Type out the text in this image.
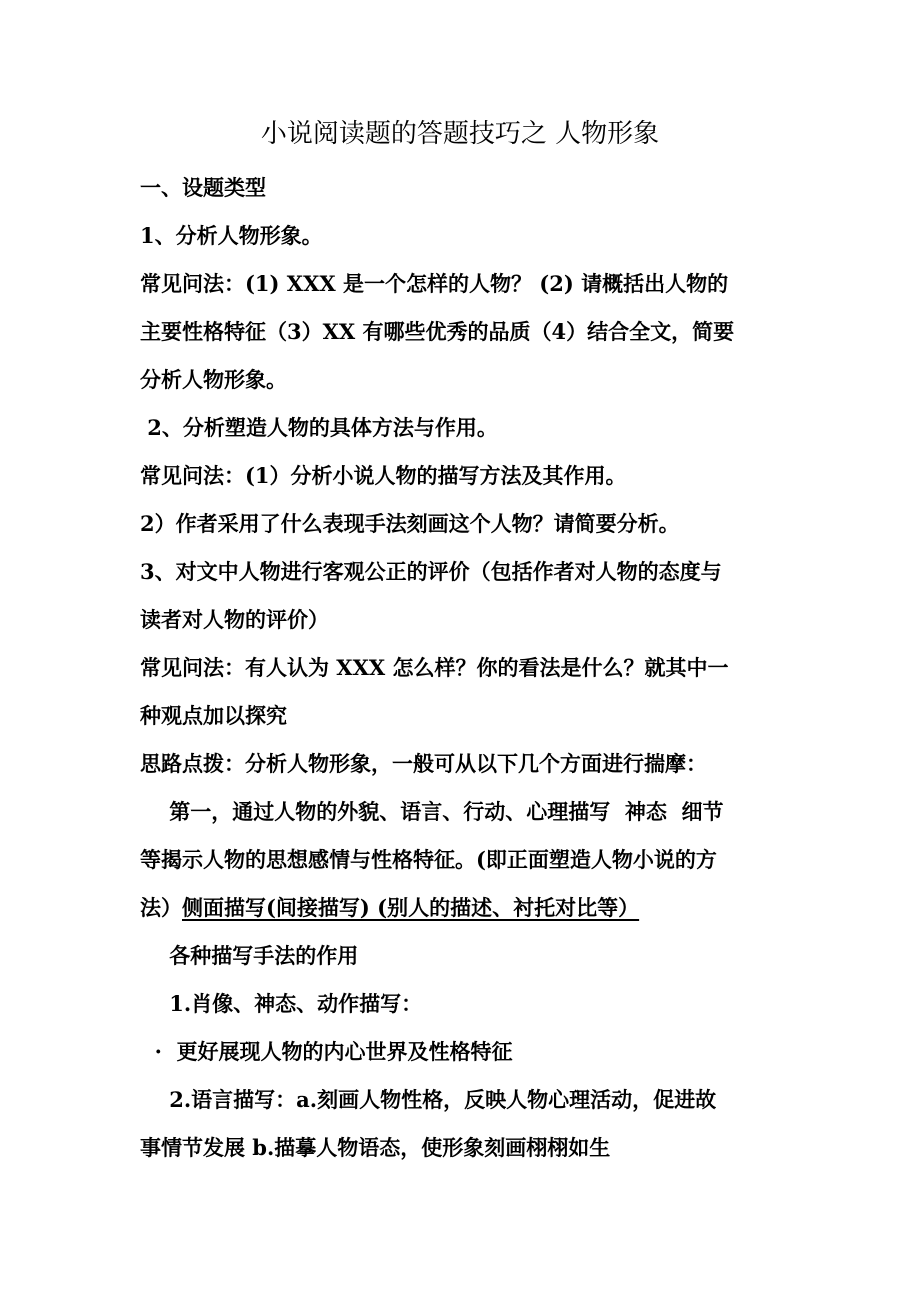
小说阅读题的答题技巧之 人物形象

一、设题类型

1、分析人物形象。

常见问法：(1) XXX 是一个怎样的人物？ (2) 请概括出人物的

主要性格特征（3）XX 有哪些优秀的品质（4）结合全文，简要

分析人物形象。

2、分析塑造人物的具体方法与作用。

常见问法：(1）分析小说人物的描写方法及其作用。

2）作者采用了什么表现手法刻画这个人物？请简要分析。

3、对文中人物进行客观公正的评价（包括作者对人物的态度与

读者对人物的评价）

常见问法：有人认为 XXX 怎么样？你的看法是什么？就其中一

种观点加以探究

思路点拨：分析人物形象，一般可从以下几个方面进行揣摩：

第一，通过人物的外貌、语言、行动、心理描写  神态  细节

等揭示人物的思想感情与性格特征。(即正面塑造人物小说的方

法）侧面描写(间接描写) (别人的描述、衬托对比等）

各种描写手法的作用

1.肖像、神态、动作描写：

·  更好展现人物的内心世界及性格特征

2.语言描写：a.刻画人物性格，反映人物心理活动，促进故

事情节发展 b.描摹人物语态，使形象刻画栩栩如生
